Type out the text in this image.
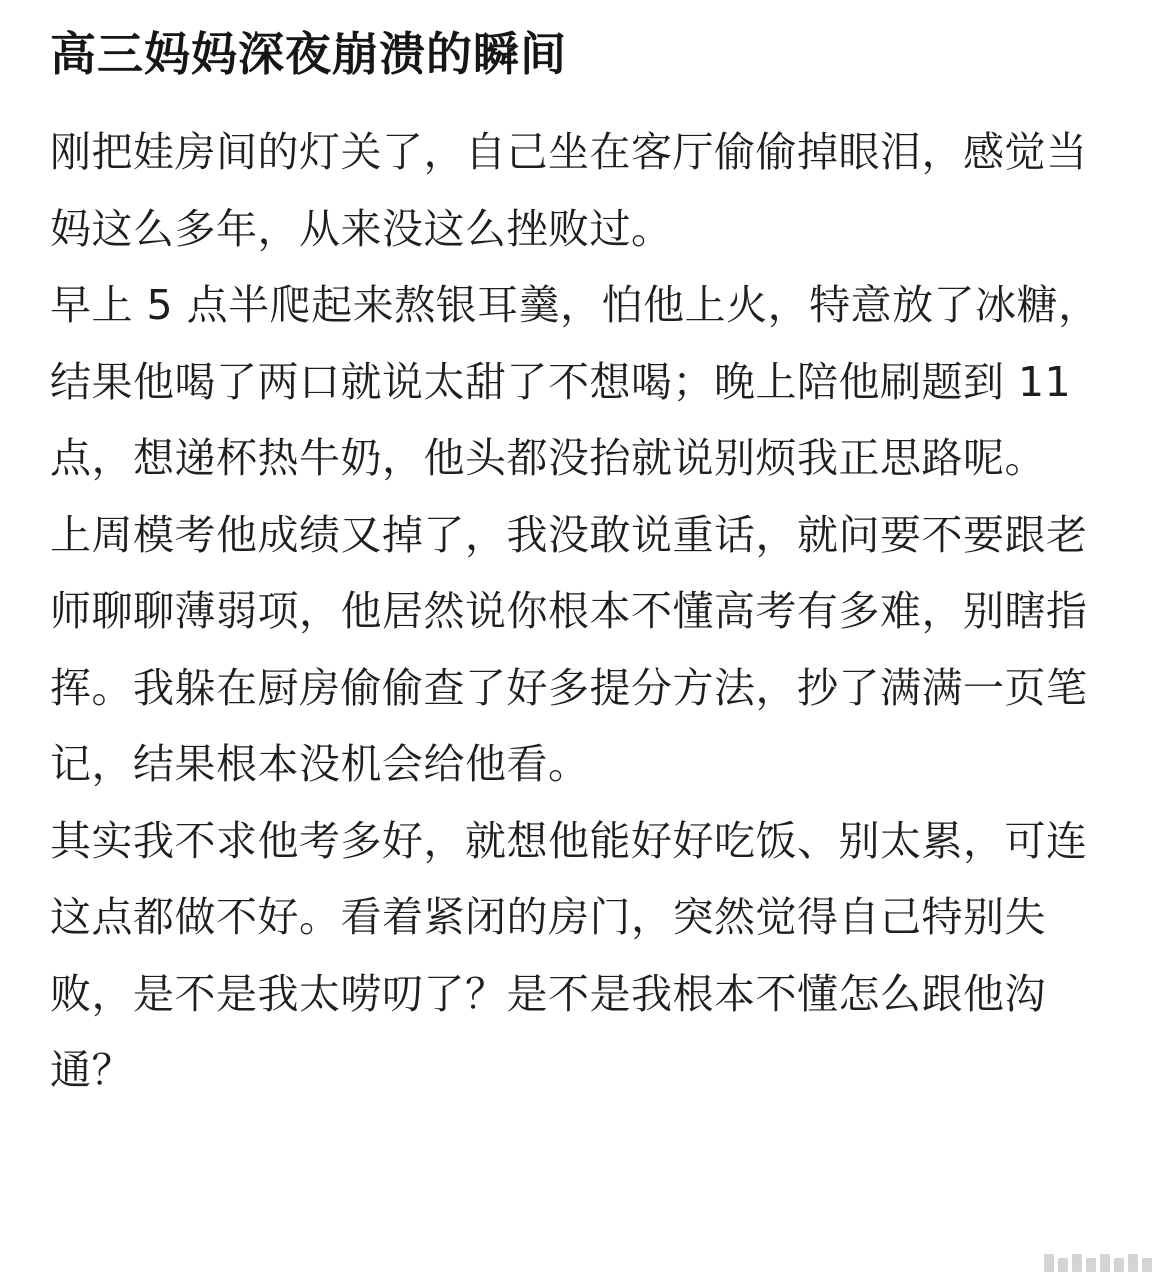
高三妈妈深夜崩溃的瞬间

刚把娃房间的灯关了，自己坐在客厅偷偷掉眼泪，感觉当妈这么多年，从来没这么挫败过。

早上 5 点半爬起来熬银耳羹，怕他上火，特意放了冰糖，结果他喝了两口就说太甜了不想喝；晚上陪他刷题到 11 点，想递杯热牛奶，他头都没抬就说别烦我正思路呢。

上周模考他成绩又掉了，我没敢说重话，就问要不要跟老师聊聊薄弱项，他居然说你根本不懂高考有多难，别瞎指挥。我躲在厨房偷偷查了好多提分方法，抄了满满一页笔记，结果根本没机会给他看。

其实我不求他考多好，就想他能好好吃饭、别太累，可连这点都做不好。看着紧闭的房门，突然觉得自己特别失败，是不是我太唠叨了？是不是我根本不懂怎么跟他沟通？
